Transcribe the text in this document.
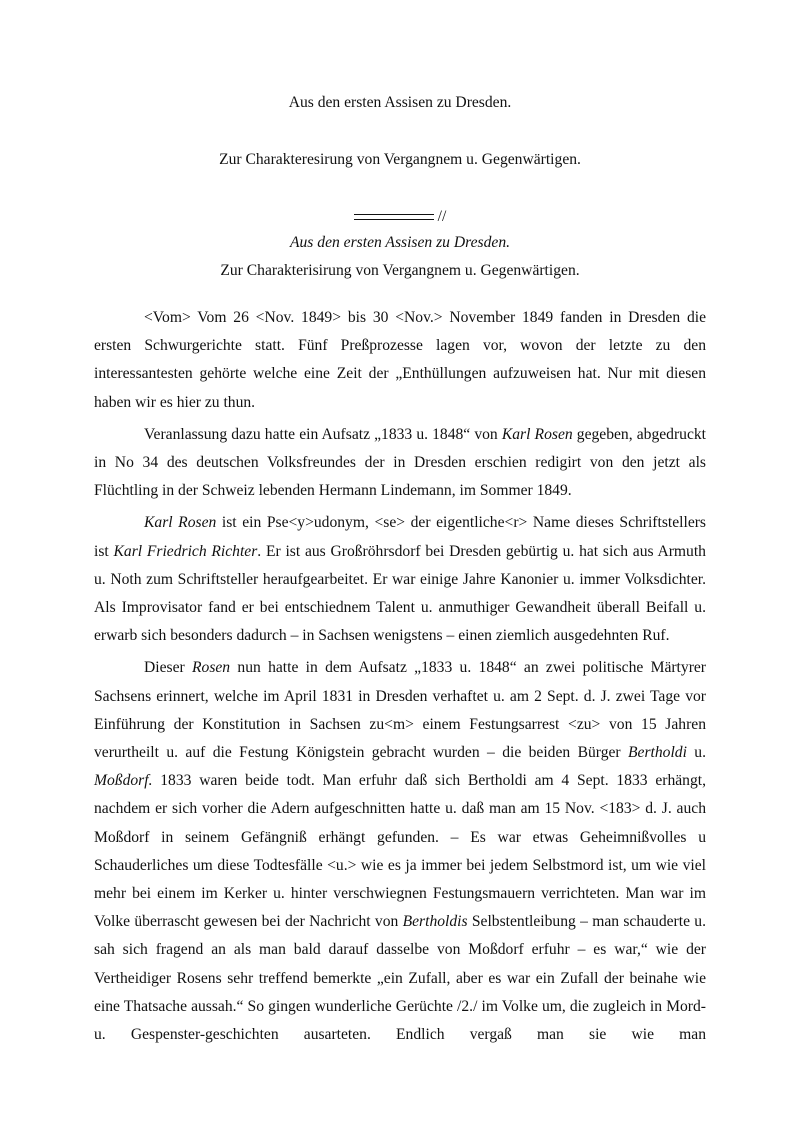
Aus den ersten Assisen zu Dresden.
Zur Charakteresirung von Vergangnem u. Gegenwärtigen.
//
Aus den ersten Assisen zu Dresden.
Zur Charakterisirung von Vergangnem u. Gegenwärtigen.

<Vom> Vom 26 <Nov. 1849> bis 30 <Nov.> November 1849 fanden in Dresden die ersten Schwurgerichte statt. Fünf Preßprozesse lagen vor, wovon der letzte zu den interessantesten gehörte welche eine Zeit der „Enthüllungen aufzuweisen hat. Nur mit diesen haben wir es hier zu thun.

Veranlassung dazu hatte ein Aufsatz „1833 u. 1848“ von Karl Rosen gegeben, abgedruckt in No 34 des deutschen Volksfreundes der in Dresden erschien redigirt von den jetzt als Flüchtling in der Schweiz lebenden Hermann Lindemann, im Sommer 1849.

Karl Rosen ist ein Pse<y>udonym, <se> der eigentliche<r> Name dieses Schriftstellers ist Karl Friedrich Richter. Er ist aus Großröhrsdorf bei Dresden gebürtig u. hat sich aus Armuth u. Noth zum Schriftsteller heraufgearbeitet. Er war einige Jahre Kanonier u. immer Volksdichter. Als Improvisator fand er bei entschiednem Talent u. anmuthiger Gewandheit überall Beifall u. erwarb sich besonders dadurch – in Sachsen wenigstens – einen ziemlich ausgedehnten Ruf.

Dieser Rosen nun hatte in dem Aufsatz „1833 u. 1848“ an zwei politische Märtyrer Sachsens erinnert, welche im April 1831 in Dresden verhaftet u. am 2 Sept. d. J. zwei Tage vor Einführung der Konstitution in Sachsen zu<m> einem Festungsarrest <zu> von 15 Jahren verurtheilt u. auf die Festung Königstein gebracht wurden – die beiden Bürger Bertholdi u. Moßdorf. 1833 waren beide todt. Man erfuhr daß sich Bertholdi am 4 Sept. 1833 erhängt, nachdem er sich vorher die Adern aufgeschnitten hatte u. daß man am 15 Nov. <183> d. J. auch Moßdorf in seinem Gefängniß erhängt gefunden. – Es war etwas Geheimnißvolles u Schauderliches um diese Todtesfälle <u.> wie es ja immer bei jedem Selbstmord ist, um wie viel mehr bei einem im Kerker u. hinter verschwiegnen Festungsmauern verrichteten. Man war im Volke überrascht gewesen bei der Nachricht von Bertholdis Selbstentleibung – man schauderte u. sah sich fragend an als man bald darauf dasselbe von Moßdorf erfuhr – es war,“ wie der Vertheidiger Rosens sehr treffend bemerkte „ein Zufall, aber es war ein Zufall der beinahe wie eine Thatsache aussah.“ So gingen wunderliche Gerüchte /2./ im Volke um, die zugleich in Mord- u. Gespenster-geschichten ausarteten. Endlich vergaß man sie wie man
